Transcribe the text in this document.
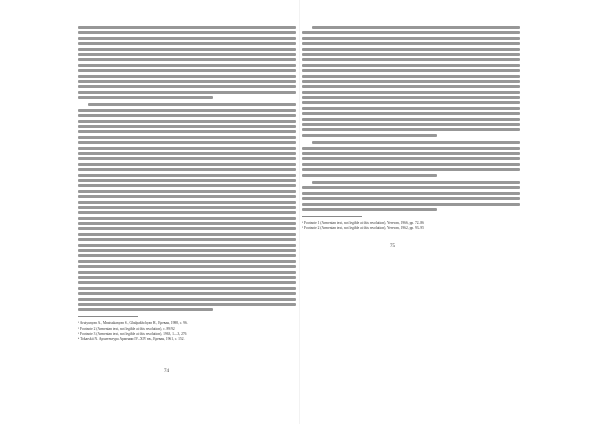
¹ Arutyunyan A., Mnatsakanyan S., Ghalpakhchyan H., Ереван, 1988, с. 96.
² Footnote 2 (Armenian text, not legible at this resolution), с. 89/92
³ Footnote 3 (Armenian text, not legible at this resolution), 1963, 1—3, 276
⁴ Tokarskii N. Архитектура Армении IV–XIV вв., Ереван, 1961, с. 152.
¹ Footnote 1 (Armenian text, not legible at this resolution), Yerevan, 1966, pp. 72–86
² Footnote 2 (Armenian text, not legible at this resolution), Yerevan, 1962, pp. 93–95
74
75
